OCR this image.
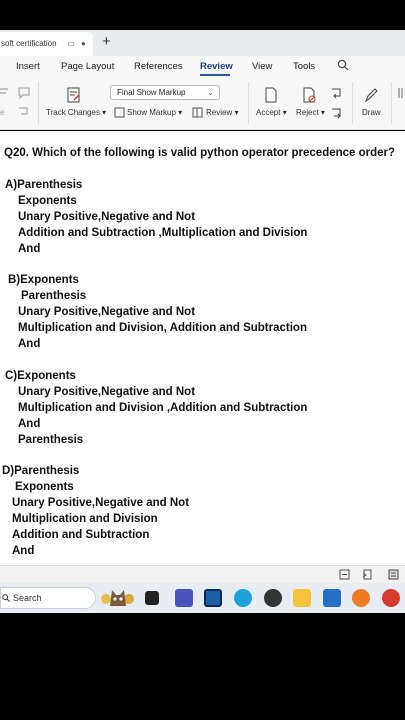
soft certification ▭ ●	+
Insert Page Layout References Review View Tools
e	Track Changes ▾
Final Show Markup	⌄
Show Markup ▾	Review ▾ Accept ▾ Reject ▾	Draw
Q20. Which of the following is valid python operator precedence order?
A)Parenthesis
Exponents
Unary Positive,Negative and Not
Addition and Subtraction ,Multiplication and Division
And
B)Exponents
Parenthesis
Unary Positive,Negative and Not
Multiplication and Division, Addition and Subtraction
And
C)Exponents
Unary Positive,Negative and Not
Multiplication and Division ,Addition and Subtraction
And
Parenthesis
D)Parenthesis
Exponents
Unary Positive,Negative and Not
Multiplication and Division
Addition and Subtraction
And
Search
